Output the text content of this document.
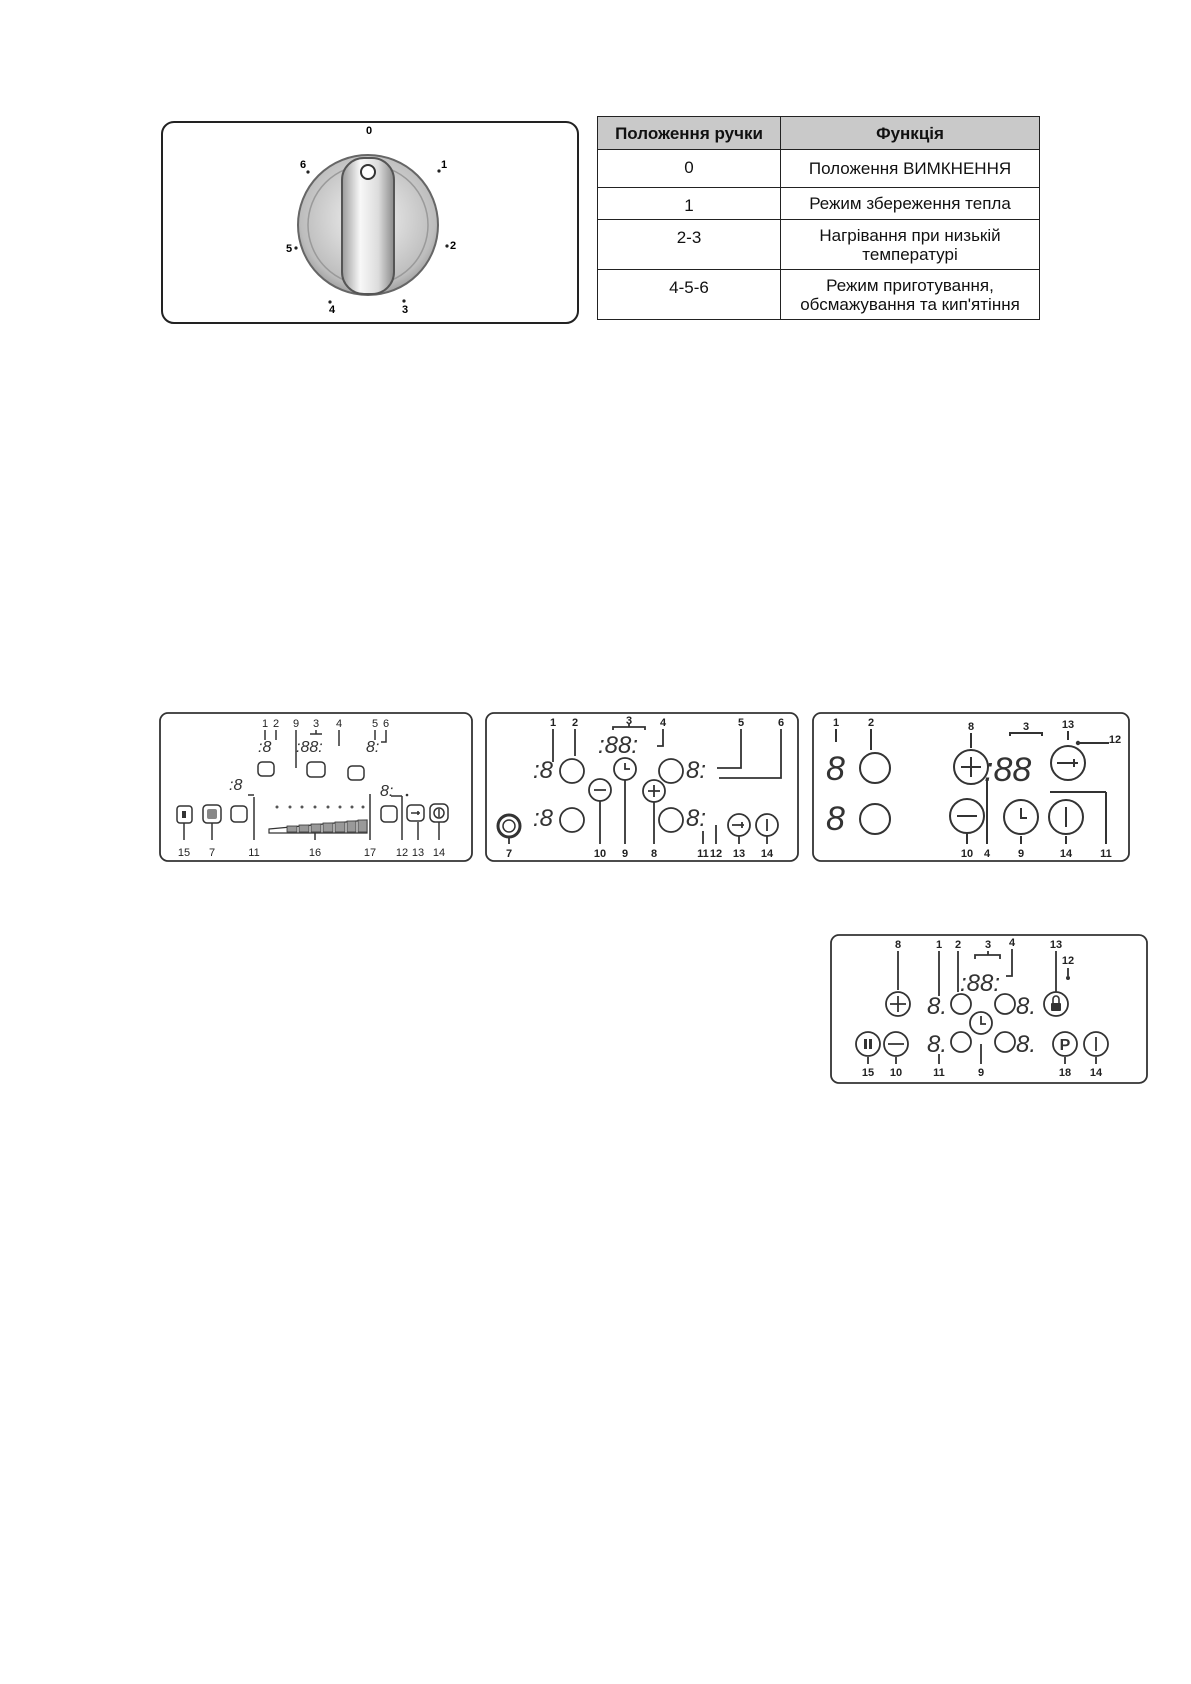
0
1
2
3
4
5
6
Положення ручки	Функція
0	Положення ВИМКНЕННЯ
1	Режим збереження тепла
2-3	Нагрівання при низькій температурі
4-5-6	Режим приготування, обсмажування та кип'ятіння
1 2 9 3 4	5 6
15 7	11	16	17 12 13 14
:8 :88:	8:
:8	8:
1 2	3	4	5	6
7	10 9 8	11 12 13 14
:8
:88:
8:
:8	8:
1	2	8	3	13
12
10 4	9	14	11
8
8
:88
8	1 2 3 4	13
12
15 10	11	9	18 14
8.
:88:
8.
8.	8. P
